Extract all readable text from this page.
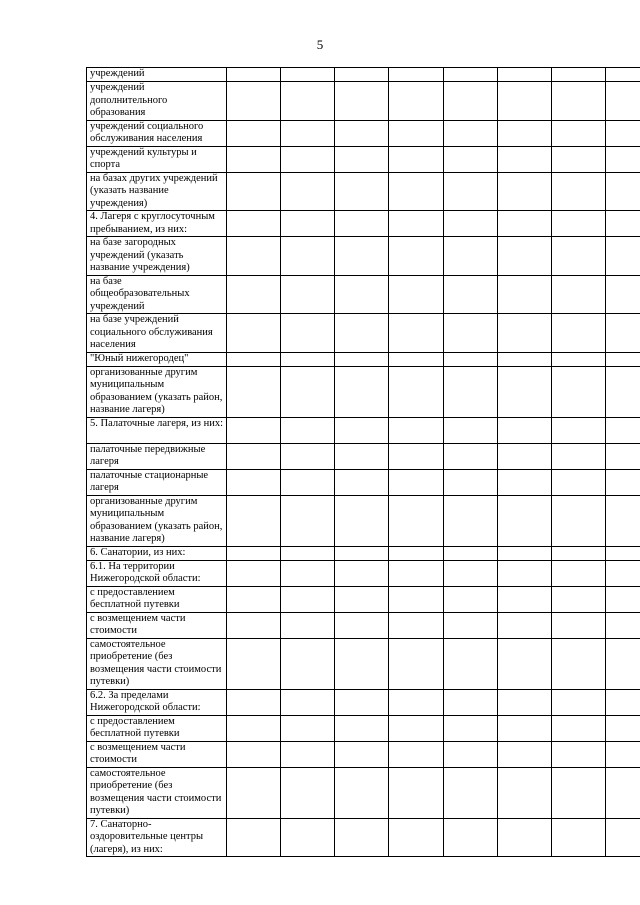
5
учреждений								
учреждений дополнительного образования								
учреждений социального обслуживания населения								
учреждений культуры и спорта								
на базах других учреждений (указать название учреждения)								
4. Лагеря с круглосуточным пребыванием, из них:								
на базе загородных учреждений (указать название учреждения)								
на базе общеобразовательных учреждений								
на базе учреждений социального обслуживания населения								
"Юный нижегородец"								
организованные другим муниципальным образованием (указать район, название лагеря)								
5. Палаточные лагеря, из них:								
палаточные передвижные лагеря								
палаточные стационарные лагеря								
организованные другим муниципальным образованием (указать район, название лагеря)								
6. Санатории, из них:								
6.1. На территории Нижегородской области:								
с предоставлением бесплатной путевки								
с возмещением части стоимости								
самостоятельное приобретение (без возмещения части стоимости путевки)								
6.2. За пределами Нижегородской области:								
с предоставлением бесплатной путевки								
с возмещением части стоимости								
самостоятельное приобретение (без возмещения части стоимости путевки)								
7. Санаторно-оздоровительные центры (лагеря), из них:								
